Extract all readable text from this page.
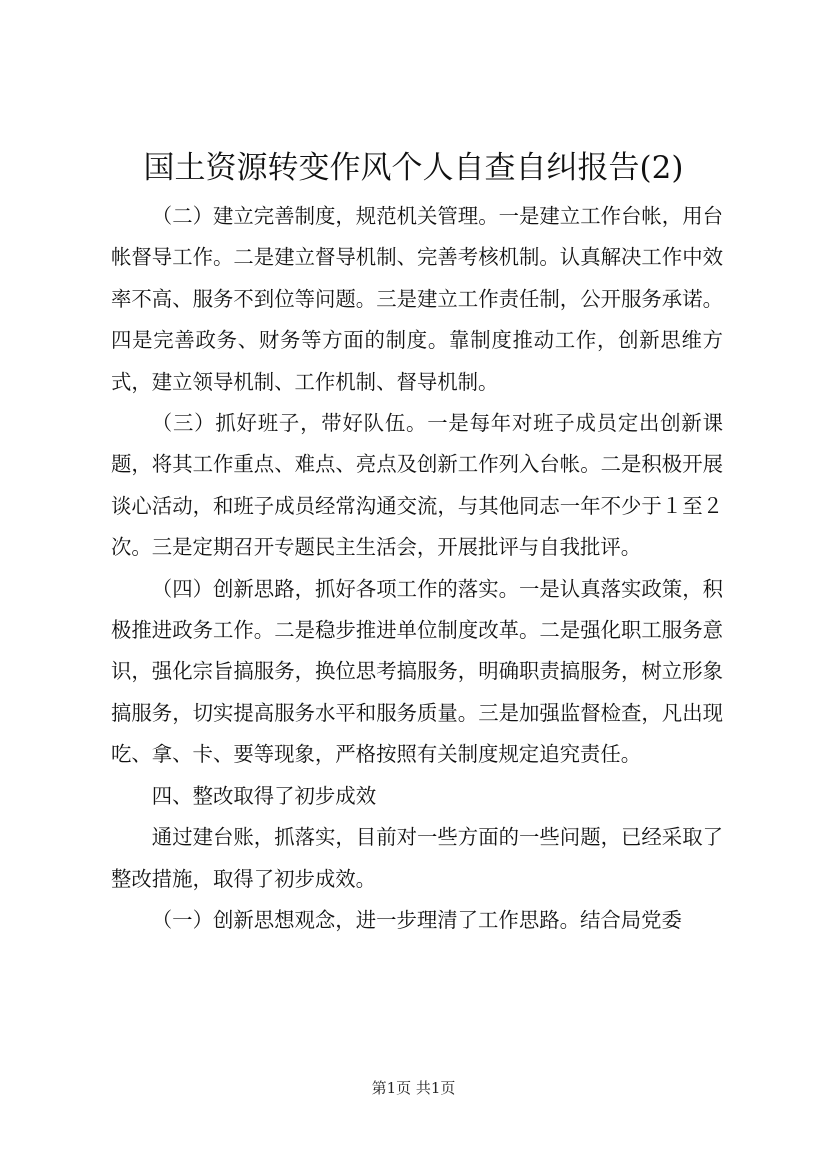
国土资源转变作风个人自查自纠报告(2)

（二）建立完善制度，规范机关管理。一是建立工作台帐，用台帐督导工作。二是建立督导机制、完善考核机制。认真解决工作中效率不高、服务不到位等问题。三是建立工作责任制，公开服务承诺。四是完善政务、财务等方面的制度。靠制度推动工作，创新思维方式，建立领导机制、工作机制、督导机制。

（三）抓好班子，带好队伍。一是每年对班子成员定出创新课题，将其工作重点、难点、亮点及创新工作列入台帐。二是积极开展谈心活动，和班子成员经常沟通交流，与其他同志一年不少于１至２次。三是定期召开专题民主生活会，开展批评与自我批评。

（四）创新思路，抓好各项工作的落实。一是认真落实政策，积极推进政务工作。二是稳步推进单位制度改革。二是强化职工服务意识，强化宗旨搞服务，换位思考搞服务，明确职责搞服务，树立形象搞服务，切实提高服务水平和服务质量。三是加强监督检查，凡出现吃、拿、卡、要等现象，严格按照有关制度规定追究责任。

四、整改取得了初步成效

通过建台账，抓落实，目前对一些方面的一些问题，已经采取了整改措施，取得了初步成效。

（一）创新思想观念，进一步理清了工作思路。结合局党委

第1页 共1页
